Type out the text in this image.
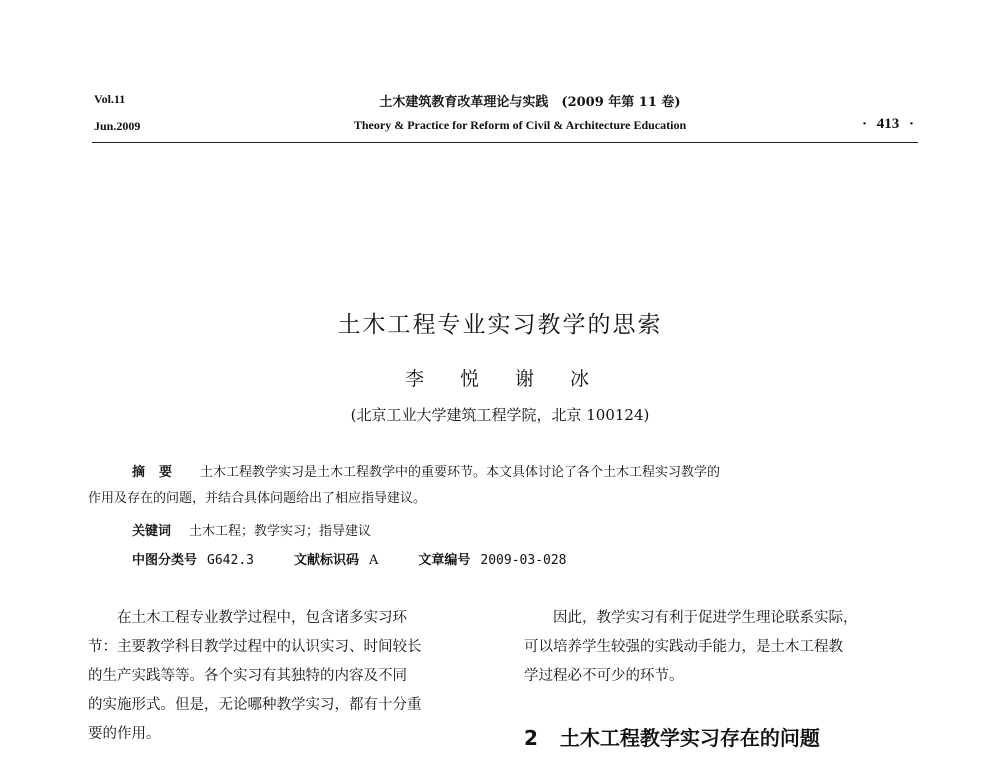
Vol.11
Jun.2009
土木建筑教育改革理论与实践　(2009 年第 11 卷)
Theory & Practice for Reform of Civil & Architecture Education	· 413 ·
土木工程专业实习教学的思索
李 悦 谢 冰
(北京工业大学建筑工程学院，北京 100124)
摘要 土木工程教学实习是土木工程教学中的重要环节。本文具体讨论了各个土木工程实习教学的
作用及存在的问题，并结合具体问题给出了相应指导建议。
关键词 土木工程；教学实习；指导建议
中图分类号 G642.3	文献标识码 A	文章编号 2009-03-028
在土木工程专业教学过程中，包含诸多实习环
节：主要教学科目教学过程中的认识实习、时间较长
的生产实践等等。各个实习有其独特的内容及不同
的实施形式。但是，无论哪种教学实习，都有十分重
要的作用。
因此，教学实习有利于促进学生理论联系实际，
可以培养学生较强的实践动手能力，是土木工程教
学过程必不可少的环节。
2 土木工程教学实习存在的问题
